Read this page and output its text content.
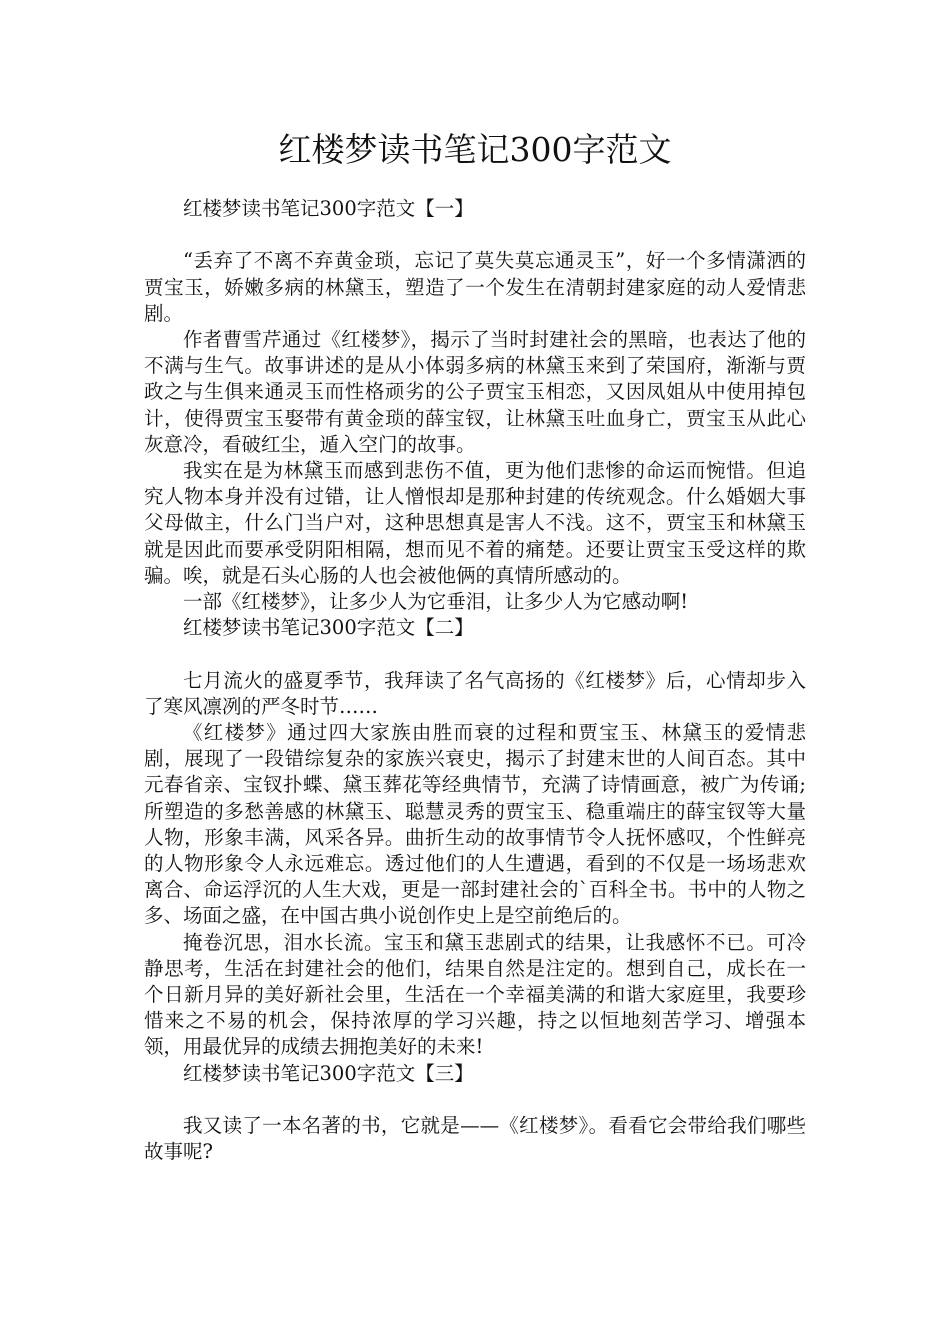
红楼梦读书笔记300字范文

红楼梦读书笔记300字范文【一】

“丢弃了不离不弃黄金琐，忘记了莫失莫忘通灵玉”，好一个多情潇洒的贾宝玉，娇嫩多病的林黛玉，塑造了一个发生在清朝封建家庭的动人爱情悲剧。

作者曹雪芹通过《红楼梦》，揭示了当时封建社会的黑暗，也表达了他的不满与生气。故事讲述的是从小体弱多病的林黛玉来到了荣国府，渐渐与贾政之与生俱来通灵玉而性格顽劣的公子贾宝玉相恋，又因凤姐从中使用掉包计，使得贾宝玉娶带有黄金琐的薛宝钗，让林黛玉吐血身亡，贾宝玉从此心灰意冷，看破红尘，遁入空门的故事。

我实在是为林黛玉而感到悲伤不值，更为他们悲惨的命运而惋惜。但追究人物本身并没有过错，让人憎恨却是那种封建的传统观念。什么婚姻大事父母做主，什么门当户对，这种思想真是害人不浅。这不，贾宝玉和林黛玉就是因此而要承受阴阳相隔，想而见不着的痛楚。还要让贾宝玉受这样的欺骗。唉，就是石头心肠的人也会被他俩的真情所感动的。

一部《红楼梦》，让多少人为它垂泪，让多少人为它感动啊!

红楼梦读书笔记300字范文【二】

七月流火的盛夏季节，我拜读了名气高扬的《红楼梦》后，心情却步入了寒风凛冽的严冬时节……

《红楼梦》通过四大家族由胜而衰的过程和贾宝玉、林黛玉的爱情悲剧，展现了一段错综复杂的家族兴衰史，揭示了封建末世的人间百态。其中元春省亲、宝钗扑蝶、黛玉葬花等经典情节，充满了诗情画意，被广为传诵;所塑造的多愁善感的林黛玉、聪慧灵秀的贾宝玉、稳重端庄的薛宝钗等大量人物，形象丰满，风采各异。曲折生动的故事情节令人抚怀感叹，个性鲜亮的人物形象令人永远难忘。透过他们的人生遭遇，看到的不仅是一场场悲欢离合、命运浮沉的人生大戏，更是一部封建社会的`百科全书。书中的人物之多、场面之盛，在中国古典小说创作史上是空前绝后的。

掩卷沉思，泪水长流。宝玉和黛玉悲剧式的结果，让我感怀不已。可冷静思考，生活在封建社会的他们，结果自然是注定的。想到自己，成长在一个日新月异的美好新社会里，生活在一个幸福美满的和谐大家庭里，我要珍惜来之不易的机会，保持浓厚的学习兴趣，持之以恒地刻苦学习、增强本领，用最优异的成绩去拥抱美好的未来!

红楼梦读书笔记300字范文【三】

我又读了一本名著的书，它就是——《红楼梦》。看看它会带给我们哪些故事呢?
